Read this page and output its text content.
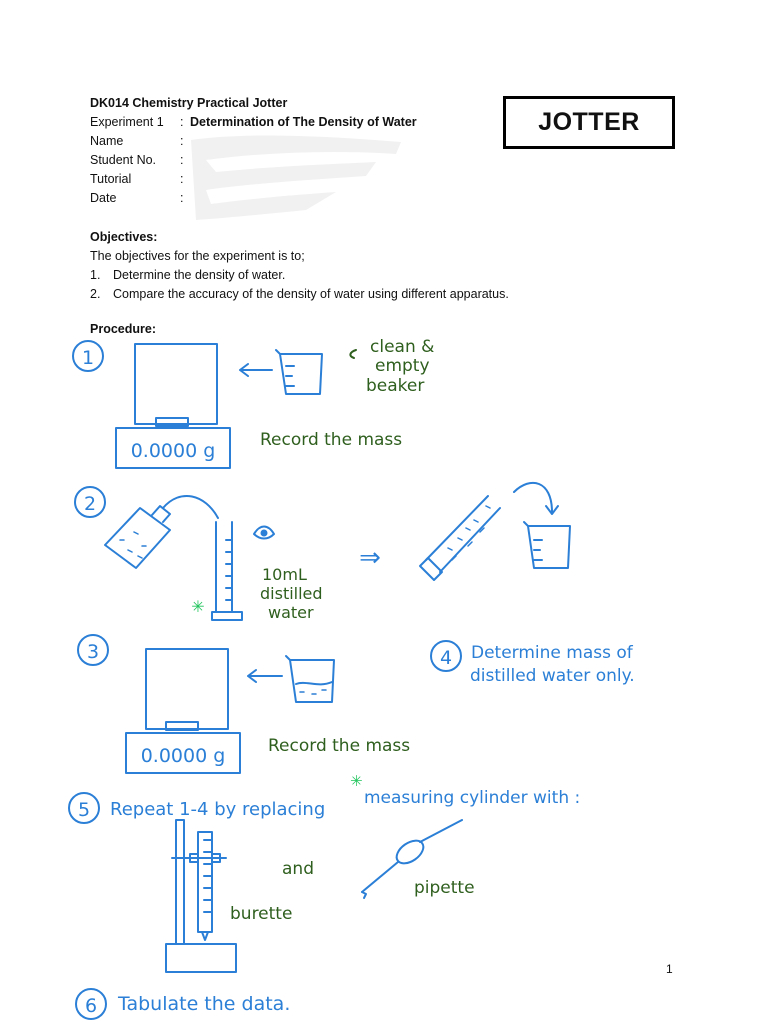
DK014 Chemistry Practical Jotter
Experiment 1	: Determination of The Density of Water
Name	:
Student No.	:
Tutorial	:
Date	:
JOTTER
Objectives:
The objectives for the experiment is to;
1.	Determine the density of water.
2.	Compare the accuracy of the density of water using different apparatus.
Procedure:
1
0.0000 g
clean &
empty
beaker
Record the mass
2
✳
10mL
distilled
water
⇒
3
0.0000 g	Record the mass
4 Determine mass of
distilled water only.
5 Repeat 1-4 by replacing
✳
measuring cylinder with :
and
burette
pipette
6 Tabulate the data.
1
